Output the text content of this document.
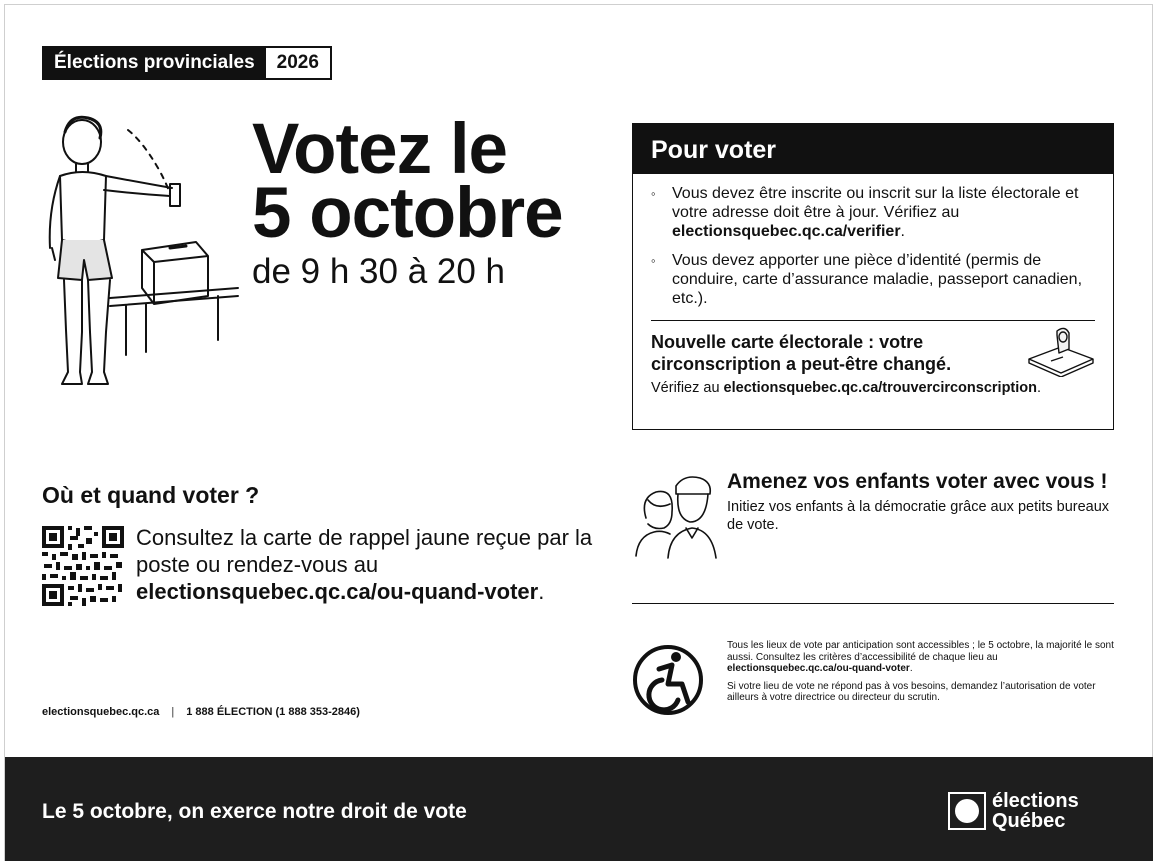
Élections provinciales	2026
Votez le
5 octobre
de 9 h 30 à 20 h
Pour voter
◦ Vous devez être inscrite ou inscrit sur la liste électorale et votre adresse doit être à jour. Vérifiez au electionsquebec.qc.ca/verifier.
◦ Vous devez apporter une pièce d’identité (permis de conduire, carte d’assurance maladie, passeport canadien, etc.).
Nouvelle carte électorale : votre circonscription a peut-être changé.
Vérifiez au electionsquebec.qc.ca/trouvercirconscription.
Où et quand voter ?
Consultez la carte de rappel jaune reçue par la poste ou rendez-vous au electionsquebec.qc.ca/ou-quand-voter.
Amenez vos enfants voter avec vous !
Initiez vos enfants à la démocratie grâce aux petits bureaux de vote.

Tous les lieux de vote par anticipation sont accessibles ; le 5 octobre, la majorité le sont aussi. Consultez les critères d’accessibilité de chaque lieu au electionsquebec.qc.ca/ou-quand-voter.

Si votre lieu de vote ne répond pas à vos besoins, demandez l’autorisation de voter ailleurs à votre directrice ou directeur du scrutin.

electionsquebec.qc.ca | 1 888 ÉLECTION (1 888 353-2846)
Le 5 octobre, on exerce notre droit de vote	élections
Québec
